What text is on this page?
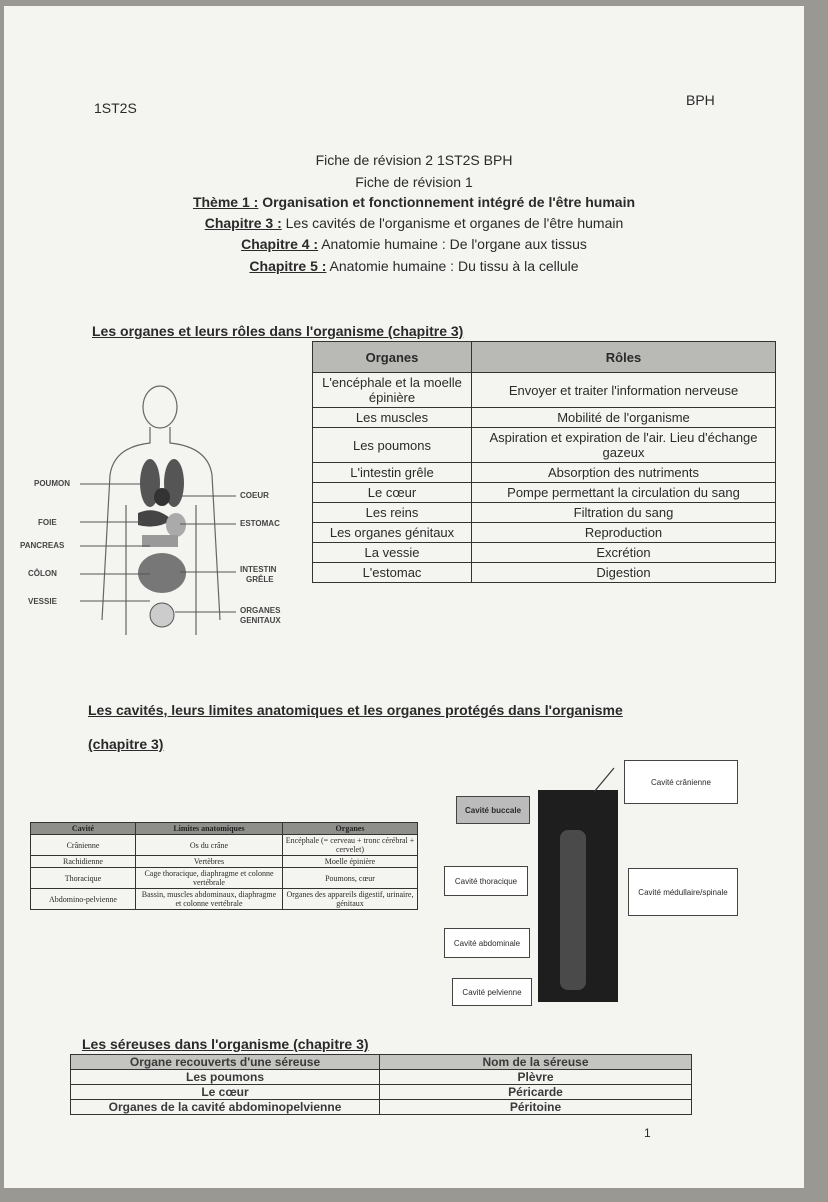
1ST2S	BPH
Fiche de révision 2 1ST2S BPH
Fiche de révision 1
Thème 1 : Organisation et fonctionnement intégré de l'être humain
Chapitre 3 : Les cavités de l'organisme et organes de l'être humain
Chapitre 4 : Anatomie humaine : De l'organe aux tissus
Chapitre 5 : Anatomie humaine : Du tissu à la cellule
Les organes et leurs rôles dans l'organisme (chapitre 3)
POUMON
FOIE
PANCREAS
CÔLON
VESSIE
COEUR
ESTOMAC
INTESTIN
GRÊLE
ORGANES
GENITAUX
Organes	Rôles
L'encéphale et la moelle épinière	Envoyer et traiter l'information nerveuse
Les muscles	Mobilité de l'organisme
Les poumons	Aspiration et expiration de l'air. Lieu d'échange gazeux
L'intestin grêle	Absorption des nutriments
Le cœur	Pompe permettant la circulation du sang
Les reins	Filtration du sang
Les organes génitaux	Reproduction
La vessie	Excrétion
L'estomac	Digestion
Les cavités, leurs limites anatomiques et les organes protégés dans l'organisme
(chapitre 3)
Cavité	Limites anatomiques	Organes
Crânienne	Os du crâne	Encéphale (= cerveau + tronc cérébral + cervelet)
Rachidienne	Vertèbres	Moelle épinière
Thoracique	Cage thoracique, diaphragme et colonne vertébrale	Poumons, cœur
Abdomino-pelvienne	Bassin, muscles abdominaux, diaphragme et colonne vertébrale	Organes des appareils digestif, urinaire, génitaux
Cavité buccale
Cavité crânienne
Cavité thoracique
Cavité médullaire/spinale
Cavité abdominale
Cavité pelvienne
Les séreuses dans l'organisme (chapitre 3)
Organe recouverts d'une séreuse	Nom de la séreuse
Les poumons	Plèvre
Le cœur	Péricarde
Organes de la cavité abdominopelvienne	Péritoine
1
